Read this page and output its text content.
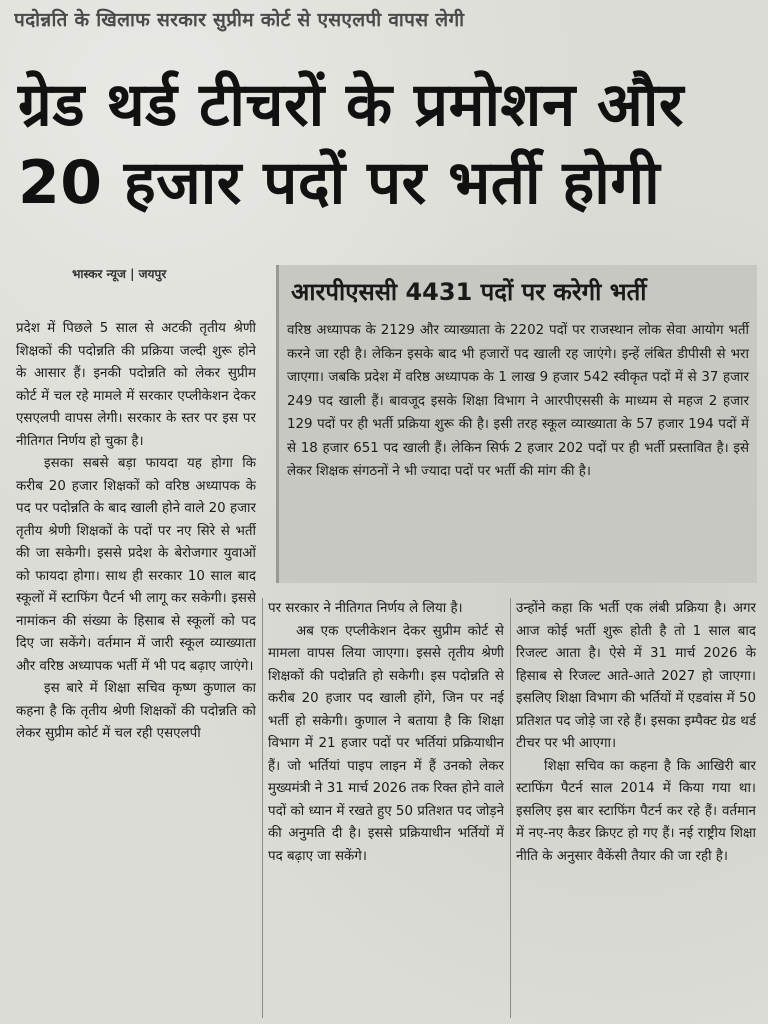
पदोन्नति के खिलाफ सरकार सुप्रीम कोर्ट से एसएलपी वापस लेगी
ग्रेड थर्ड टीचरों के प्रमोशन और
20 हजार पदों पर भर्ती होगी
भास्कर न्यूज | जयपुर
आरपीएससी 4431 पदों पर करेगी भर्ती
वरिष्ठ अध्यापक के 2129 और व्याख्याता के 2202 पदों पर राजस्थान लोक सेवा आयोग भर्ती करने जा रही है। लेकिन इसके बाद भी हजारों पद खाली रह जाएंगे। इन्हें लंबित डीपीसी से भरा जाएगा। जबकि प्रदेश में वरिष्ठ अध्यापक के 1 लाख 9 हजार 542 स्वीकृत पदों में से 37 हजार 249 पद खाली हैं। बावजूद इसके शिक्षा विभाग ने आरपीएससी के माध्यम से महज 2 हजार 129 पदों पर ही भर्ती प्रक्रिया शुरू की है। इसी तरह स्कूल व्याख्याता के 57 हजार 194 पदों में से 18 हजार 651 पद खाली हैं। लेकिन सिर्फ 2 हजार 202 पदों पर ही भर्ती प्रस्तावित है। इसे लेकर शिक्षक संगठनों ने भी ज्यादा पदों पर भर्ती की मांग की है।

प्रदेश में पिछले 5 साल से अटकी तृतीय श्रेणी शिक्षकों की पदोन्नति की प्रक्रिया जल्दी शुरू होने के आसार हैं। इनकी पदोन्नति को लेकर सुप्रीम कोर्ट में चल रहे मामले में सरकार एप्लीकेशन देकर एसएलपी वापस लेगी। सरकार के स्तर पर इस पर नीतिगत निर्णय हो चुका है।

इसका सबसे बड़ा फायदा यह होगा कि करीब 20 हजार शिक्षकों को वरिष्ठ अध्यापक के पद पर पदोन्नति के बाद खाली होने वाले 20 हजार तृतीय श्रेणी शिक्षकों के पदों पर नए सिरे से भर्ती की जा सकेगी। इससे प्रदेश के बेरोजगार युवाओं को फायदा होगा। साथ ही सरकार 10 साल बाद स्कूलों में स्टाफिंग पैटर्न भी लागू कर सकेगी। इससे नामांकन की संख्या के हिसाब से स्कूलों को पद दिए जा सकेंगे। वर्तमान में जारी स्कूल व्याख्याता और वरिष्ठ अध्यापक भर्ती में भी पद बढ़ाए जाएंगे।

इस बारे में शिक्षा सचिव कृष्ण कुणाल का कहना है कि तृतीय श्रेणी शिक्षकों की पदोन्नति को लेकर सुप्रीम कोर्ट में चल रही एसएलपी

पर सरकार ने नीतिगत निर्णय ले लिया है।

अब एक एप्लीकेशन देकर सुप्रीम कोर्ट से मामला वापस लिया जाएगा। इससे तृतीय श्रेणी शिक्षकों की पदोन्नति हो सकेगी। इस पदोन्नति से करीब 20 हजार पद खाली होंगे, जिन पर नई भर्ती हो सकेगी। कुणाल ने बताया है कि शिक्षा विभाग में 21 हजार पदों पर भर्तियां प्रक्रियाधीन हैं। जो भर्तियां पाइप लाइन में हैं उनको लेकर मुख्यमंत्री ने 31 मार्च 2026 तक रिक्त होने वाले पदों को ध्यान में रखते हुए 50 प्रतिशत पद जोड़ने की अनुमति दी है। इससे प्रक्रियाधीन भर्तियों में पद बढ़ाए जा सकेंगे।

उन्होंने कहा कि भर्ती एक लंबी प्रक्रिया है। अगर आज कोई भर्ती शुरू होती है तो 1 साल बाद रिजल्ट आता है। ऐसे में 31 मार्च 2026 के हिसाब से रिजल्ट आते-आते 2027 हो जाएगा। इसलिए शिक्षा विभाग की भर्तियों में एडवांस में 50 प्रतिशत पद जोड़े जा रहे हैं। इसका इम्पैक्ट ग्रेड थर्ड टीचर पर भी आएगा।

शिक्षा सचिव का कहना है कि आखिरी बार स्टाफिंग पैटर्न साल 2014 में किया गया था। इसलिए इस बार स्टाफिंग पैटर्न कर रहे हैं। वर्तमान में नए-नए कैडर क्रिएट हो गए हैं। नई राष्ट्रीय शिक्षा नीति के अनुसार वैकेंसी तैयार की जा रही है।
